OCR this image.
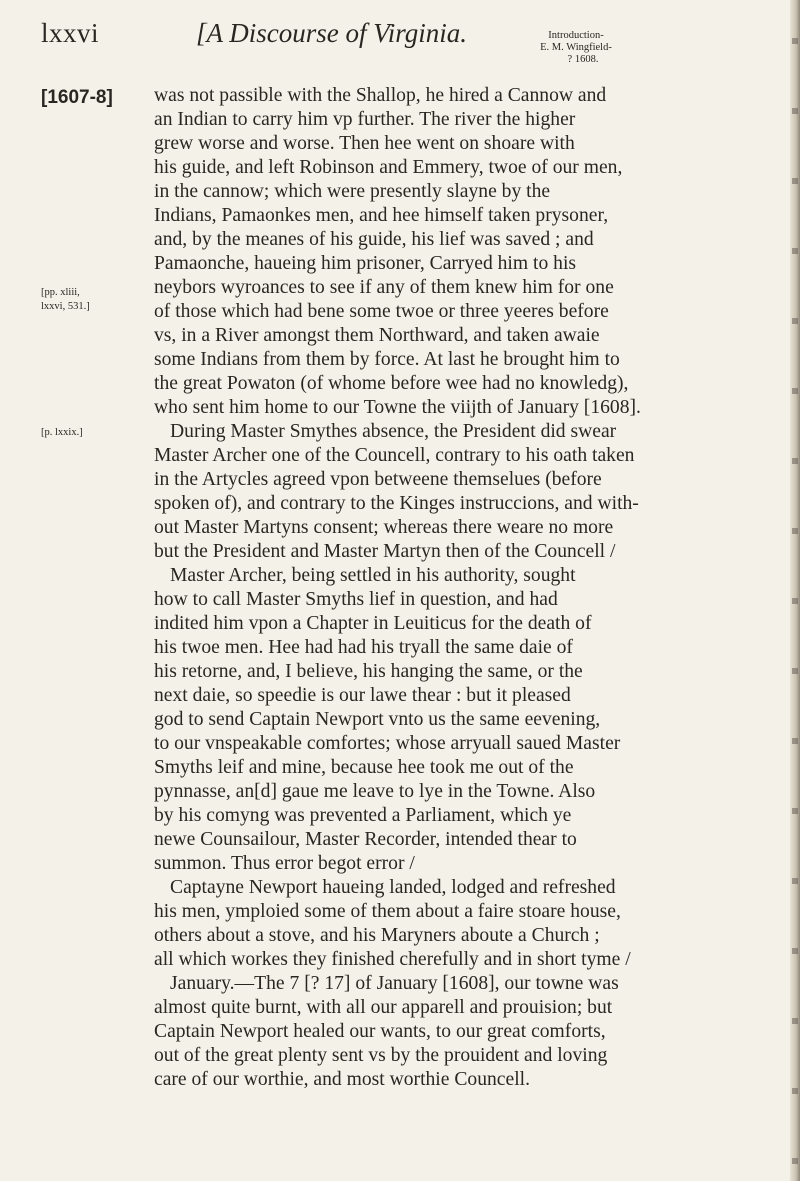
lxxvi	[A Discourse of Virginia.	Introduction-
E. M. Wingfield-
? 1608.
[1607-8]
[pp. xliii,
lxxvi, 531.]
[p. lxxix.]
was not passible with the Shallop, he hired a Cannow and
an Indian to carry him vp further. The river the higher
grew worse and worse. Then hee went on shoare with
his guide, and left Robinson and Emmery, twoe of our men,
in the cannow; which were presently slayne by the
Indians, Pamaonkes men, and hee himself taken prysoner,
and, by the meanes of his guide, his lief was saved ; and
Pamaonche, haueing him prisoner, Carryed him to his
neybors wyroances to see if any of them knew him for one
of those which had bene some twoe or three yeeres before
vs, in a River amongst them Northward, and taken awaie
some Indians from them by force. At last he brought him to
the great Powaton (of whome before wee had no knowledg),
who sent him home to our Towne the viijth of January [1608].
During Master Smythes absence, the President did swear
Master Archer one of the Councell, contrary to his oath taken
in the Artycles agreed vpon betweene themselues (before
spoken of), and contrary to the Kinges instruccions, and with-
out Master Martyns consent; whereas there weare no more
but the President and Master Martyn then of the Councell /
Master Archer, being settled in his authority, sought
how to call Master Smyths lief in question, and had
indited him vpon a Chapter in Leuiticus for the death of
his twoe men. Hee had had his tryall the same daie of
his retorne, and, I believe, his hanging the same, or the
next daie, so speedie is our lawe thear : but it pleased
god to send Captain Newport vnto us the same eevening,
to our vnspeakable comfortes; whose arryuall saued Master
Smyths leif and mine, because hee took me out of the
pynnasse, an[d] gaue me leave to lye in the Towne. Also
by his comyng was prevented a Parliament, which ye
newe Counsailour, Master Recorder, intended thear to
summon. Thus error begot error /
Captayne Newport haueing landed, lodged and refreshed
his men, ymploied some of them about a faire stoare house,
others about a stove, and his Maryners aboute a Church ;
all which workes they finished cherefully and in short tyme /
January.—The 7 [? 17] of January [1608], our towne was
almost quite burnt, with all our apparell and prouision; but
Captain Newport healed our wants, to our great comforts,
out of the great plenty sent vs by the prouident and loving
care of our worthie, and most worthie Councell.
